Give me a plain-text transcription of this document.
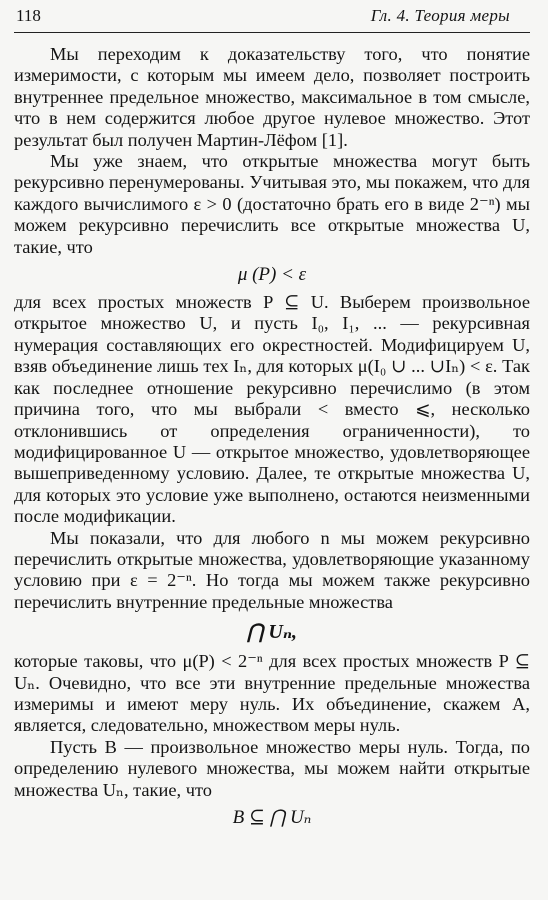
118	Гл. 4. Теория меры

Мы переходим к доказательству того, что понятие измеримости, с которым мы имеем дело, позволяет построить внутреннее предельное множество, максимальное в том смысле, что в нем содержится любое другое нулевое множество. Этот результат был получен Мартин-Лёфом [1].

Мы уже знаем, что открытые множества могут быть рекурсивно перенумерованы. Учитывая это, мы покажем, что для каждого вычислимого ε > 0 (достаточно брать его в виде 2⁻ⁿ) мы можем рекурсивно перечислить все открытые множества U, такие, что

μ (P) < ε

для всех простых множеств P ⊆ U. Выберем произвольное открытое множество U, и пусть I₀, I₁, ... — рекурсивная нумерация составляющих его окрестностей. Модифицируем U, взяв объединение лишь тех Iₙ, для которых μ(I₀ ∪ ... ∪Iₙ) < ε. Так как последнее отношение рекурсивно перечислимо (в этом причина того, что мы выбрали < вместо ⩽, несколько отклонившись от определения ограниченности), то модифицированное U — открытое множество, удовлетворяющее вышеприведенному условию. Далее, те открытые множества U, для которых это условие уже выполнено, остаются неизменными после модификации.

Мы показали, что для любого n мы можем рекурсивно перечислить открытые множества, удовлетворяющие указанному условию при ε = 2⁻ⁿ. Но тогда мы можем также рекурсивно перечислить внутренние предельные множества

⋂ Uₙ,

которые таковы, что μ(P) < 2⁻ⁿ для всех простых множеств P ⊆ Uₙ. Очевидно, что все эти внутренние предельные множества измеримы и имеют меру нуль. Их объединение, скажем A, является, следовательно, множеством меры нуль.

Пусть B — произвольное множество меры нуль. Тогда, по определению нулевого множества, мы можем найти открытые множества Uₙ, такие, что

B ⊆ ⋂ Uₙ
